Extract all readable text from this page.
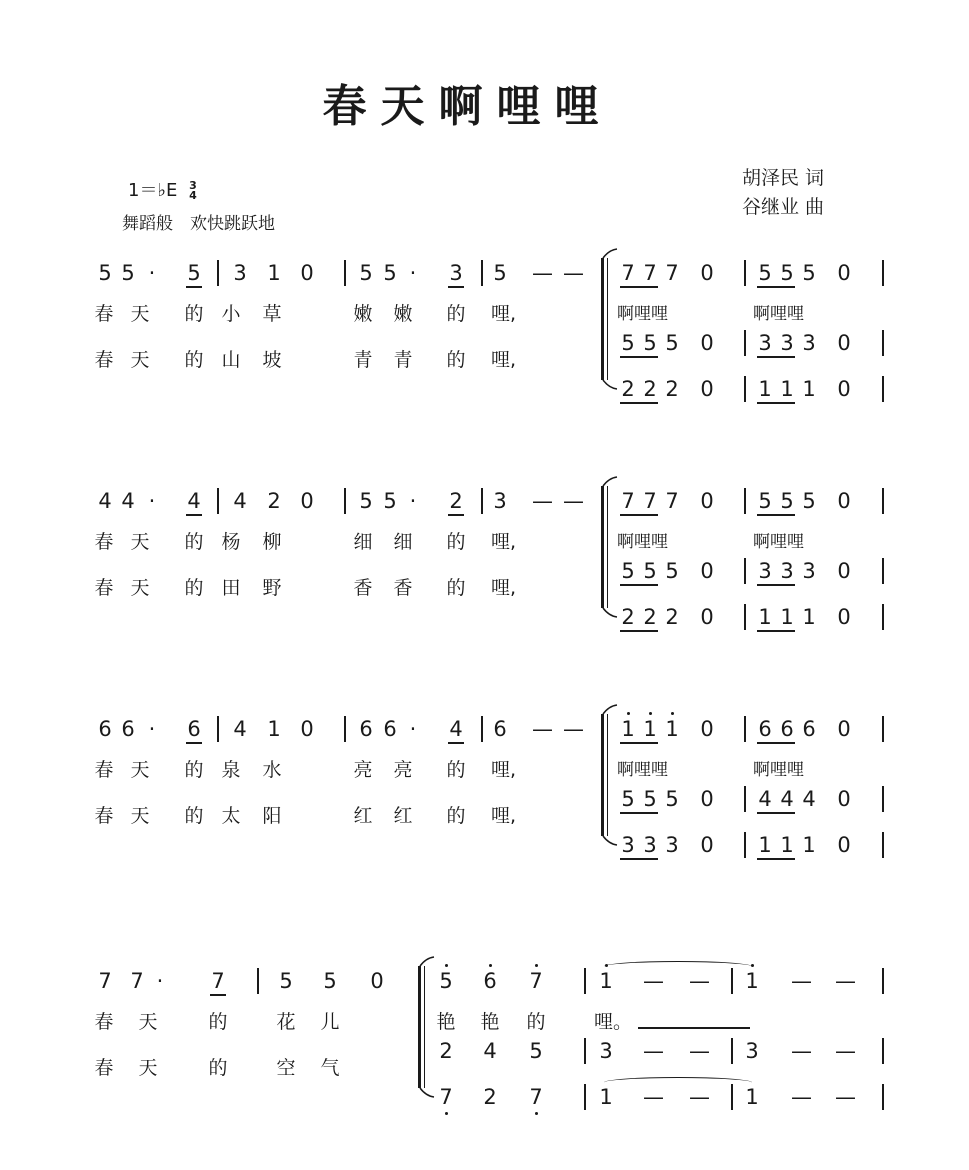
春天啊哩哩
1＝♭E 3
4
舞蹈般　欢快跳跃地
胡泽民 词
谷继业 曲
5 5 · 5 3 1 0 5 5 · 3 5 — —
春 天 的 小 草	嫩 嫩 的 哩,
春 天 的 山 坡	青 青 的 哩,
7 7 7 0 5 5 5 0
啊哩哩	啊哩哩
5 5 5 0 3 3 3 0
2 2 2 0 1 1 1 0
4 4 · 4 4 2 0 5 5 · 2 3 — —
春 天 的 杨 柳	细 细 的 哩,
春 天 的 田 野	香 香 的 哩,
7 7 7 0 5 5 5 0
啊哩哩	啊哩哩
5 5 5 0 3 3 3 0
2 2 2 0 1 1 1 0
6 6 · 6 4 1 0 6 6 · 4 6 — —
春 天 的 泉 水	亮 亮 的 哩,
春 天 的 太 阳	红 红 的 哩,
1 1 1 0 6 6 6 0
啊哩哩	啊哩哩
5 5 5 0 4 4 4 0
3 3 3 0 1 1 1 0
7 7 · 7	5 5 0
春 天	的	花 儿
春 天	的	空 气
5 6 7	1 — — 1 — —
艳 艳 的	哩。
2 4 5	3 — — 3 — —
7 2 7	1 — — 1 — —
